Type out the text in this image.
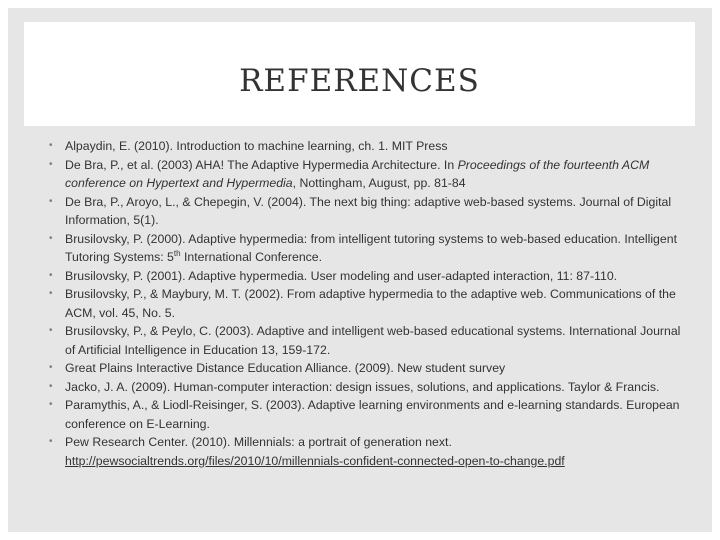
REFERENCES
• Alpaydin, E. (2010). Introduction to machine learning, ch. 1. MIT Press
• De Bra, P., et al. (2003) AHA! The Adaptive Hypermedia Architecture. In Proceedings of the fourteenth ACM conference on Hypertext and Hypermedia, Nottingham, August, pp. 81-84
• De Bra, P., Aroyo, L., & Chepegin, V. (2004). The next big thing: adaptive web-based systems. Journal of Digital Information, 5(1).
• Brusilovsky, P. (2000). Adaptive hypermedia: from intelligent tutoring systems to web-based education. Intelligent Tutoring Systems: 5th International Conference.
• Brusilovsky, P. (2001). Adaptive hypermedia. User modeling and user-adapted interaction, 11: 87-110.
• Brusilovsky, P., & Maybury, M. T. (2002). From adaptive hypermedia to the adaptive web. Communications of the ACM, vol. 45, No. 5.
• Brusilovsky, P., & Peylo, C. (2003). Adaptive and intelligent web-based educational systems. International Journal of Artificial Intelligence in Education 13, 159-172.
• Great Plains Interactive Distance Education Alliance. (2009). New student survey
• Jacko, J. A. (2009). Human-computer interaction: design issues, solutions, and applications. Taylor & Francis.
• Paramythis, A., & Liodl-Reisinger, S. (2003). Adaptive learning environments and e-learning standards. European conference on E-Learning.
• Pew Research Center. (2010). Millennials: a portrait of generation next. http://pewsocialtrends.org/files/2010/10/millennials-confident-connected-open-to-change.pdf
